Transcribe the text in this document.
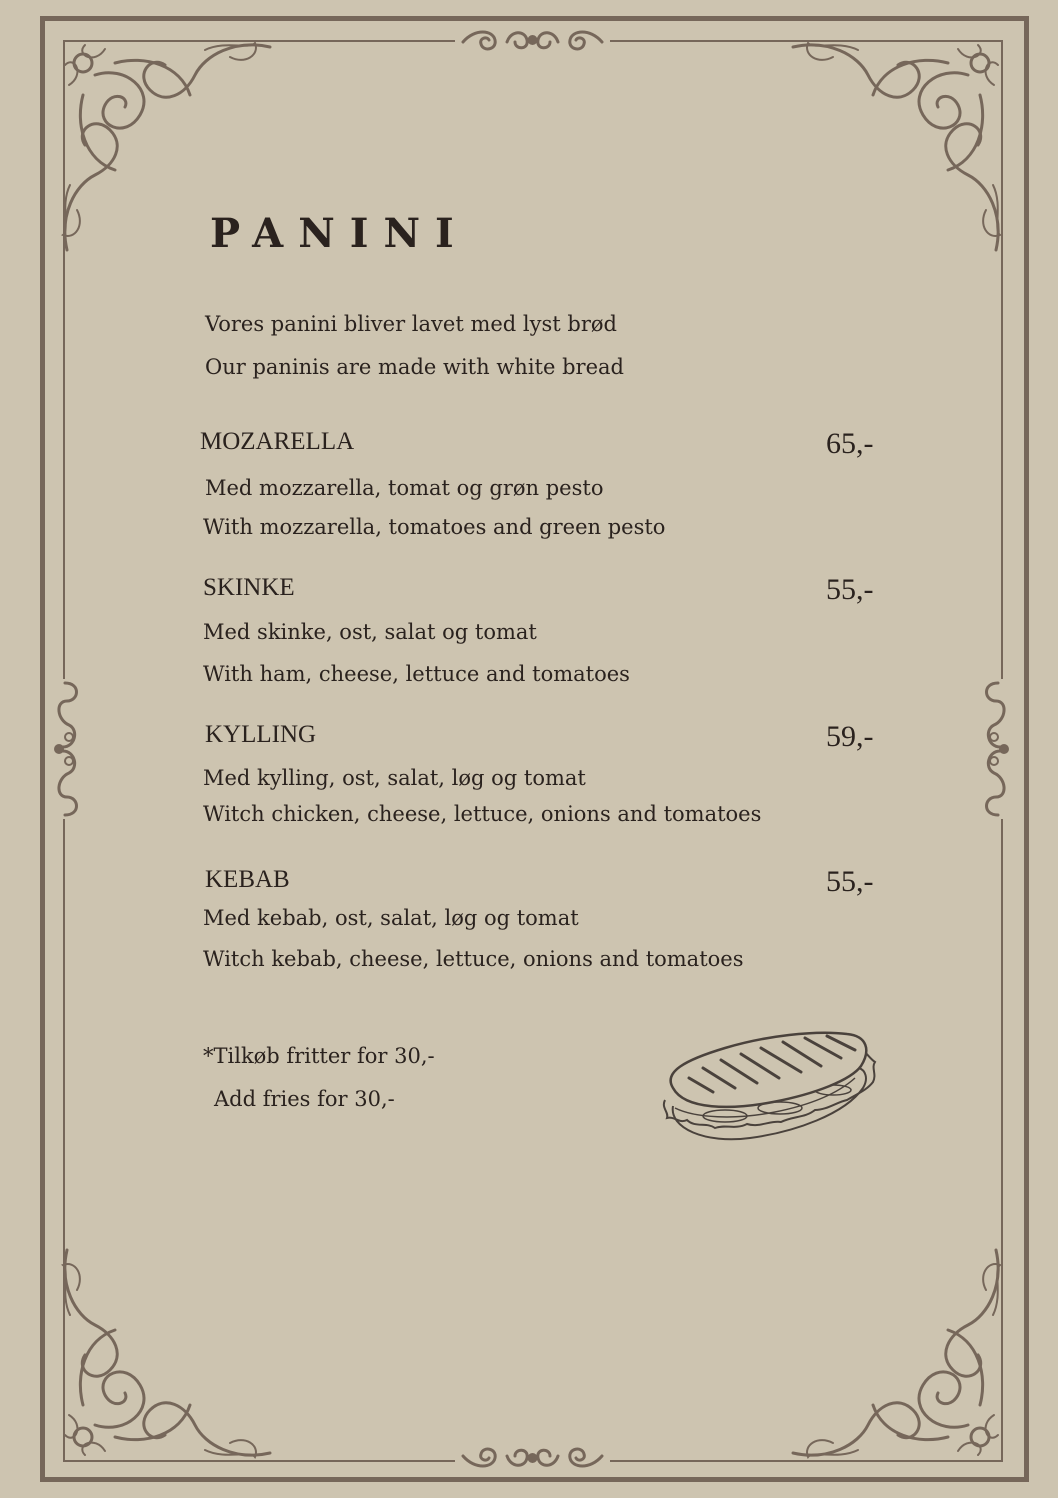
PANINI
Vores panini bliver lavet med lyst brød
Our paninis are made with white bread
MOZARELLA	65,-
Med mozzarella, tomat og grøn pesto
With mozzarella, tomatoes and green pesto
SKINKE	55,-
Med skinke, ost, salat og tomat
With ham, cheese, lettuce and tomatoes
KYLLING	59,-
Med kylling, ost, salat, løg og tomat
Witch chicken, cheese, lettuce, onions and tomatoes
KEBAB	55,-
Med kebab, ost, salat, løg og tomat
Witch kebab, cheese, lettuce, onions and tomatoes
*Tilkøb fritter for 30,-
Add fries for 30,-
